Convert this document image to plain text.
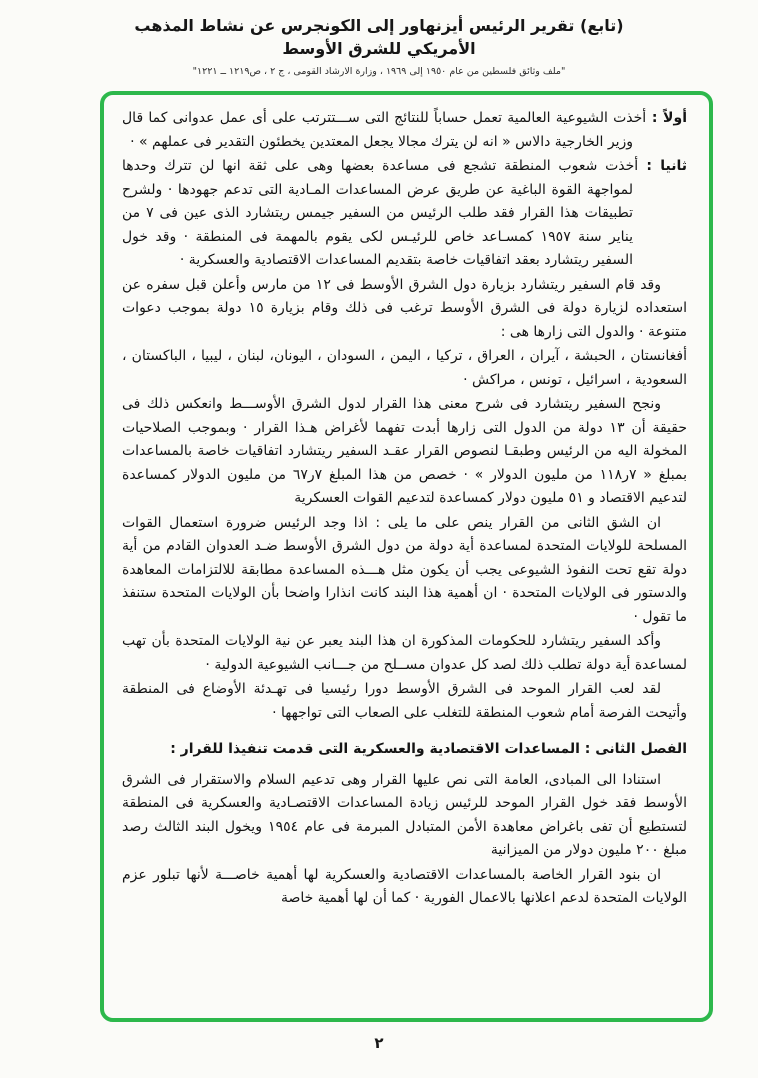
(تابع) تقرير الرئيس أيزنهاور إلى الكونجرس عن نشاط المذهب الأمريكي للشرق الأوسط
"ملف وثائق فلسطين من عام ١٩٥٠ إلى ١٩٦٩ ، وزارة الارشاد القومى ، ج ٢ ، ص١٢١٩ ــ ١٢٢١"
أولاً : أخذت الشيوعية العالمية تعمل حساباً للنتائج التى ســـتترتب على أى عمل عدوانى كما قال وزير الخارجية دالاس « انه لن يترك مجالا يجعل المعتدين يخطئون التقدير فى عملهم » ·
ثانيا : أخذت شعوب المنطقة تشجع فى مساعدة بعضها وهى على ثقة انها لن تترك وحدها لمواجهة القوة الباغية عن طريق عرض المساعدات المـادية التى تدعم جهودها · ولشرح تطبيقات هذا القرار فقد طلب الرئيس من السفير جيمس ريتشارد الذى عين فى ٧ من يناير سنة ١٩٥٧ كمسـاعد خاص للرئيـس لكى يقوم بالمهمة فى المنطقة · وقد خول السفير ريتشارد بعقد اتفاقيات خاصة بتقديم المساعدات الاقتصادية والعسكرية ·
وقد قام السفير ريتشارد بزيارة دول الشرق الأوسط فى ١٢ من مارس وأعلن قبل سفره عن استعداده لزيارة دولة فى الشرق الأوسط ترغب فى ذلك وقام بزيارة ١٥ دولة بموجب دعوات متنوعة · والدول التى زارها هى :
أفغانستان ، الحبشة ، آيران ، العراق ، تركيا ، اليمن ، السودان ، اليونان، لبنان ، ليبيا ، الباكستان ، السعودية ، اسرائيل ، تونس ، مراكش ·
ونجح السفير ريتشارد فى شرح معنى هذا القرار لدول الشرق الأوســـط وانعكس ذلك فى حقيقة أن ١٣ دولة من الدول التى زارها أبدت تفهما لأغراض هـذا القرار · وبموجب الصلاحيات المخولة اليه من الرئيس وطبقـا لنصوص القرار عقـد السفير ريتشارد اتفاقيات خاصة بالمساعدات بمبلغ « ٧ر١١٨ من مليون الدولار » · خصص من هذا المبلغ ٧ر٦٧ من مليون الدولار كمساعدة لتدعيم الاقتصاد و ٥١ مليون دولار كمساعدة لتدعيم القوات العسكرية
ان الشق الثانى من القرار ينص على ما يلى : اذا وجد الرئيس ضرورة استعمال القوات المسلحة للولايات المتحدة لمساعدة أية دولة من دول الشرق الأوسط ضـد العدوان القادم من أية دولة تقع تحت النفوذ الشيوعى يجب أن يكون مثل هـــذه المساعدة مطابقة للالتزامات المعاهدة والدستور فى الولايات المتحدة · ان أهمية هذا البند كانت انذارا واضحا بأن الولايات المتحدة ستنفذ ما تقول ·
وأكد السفير ريتشارد للحكومات المذكورة ان هذا البند يعبر عن نية الولايات المتحدة بأن تهب لمساعدة أية دولة تطلب ذلك لصد كل عدوان مســلح من جـــانب الشيوعية الدولية ·
لقد لعب القرار الموحد فى الشرق الأوسط دورا رئيسيا فى تهـدئة الأوضاع فى المنطقة وأتيحت الفرصة أمام شعوب المنطقة للتغلب على الصعاب التى تواجهها ·
الفصل الثانى : المساعدات الاقتصادية والعسكرية التى قدمت تنفيذا للقرار :
استنادا الى المبادى، العامة التى نص عليها القرار وهى تدعيم السلام والاستقرار فى الشرق الأوسط فقد خول القرار الموحد للرئيس زيادة المساعدات الاقتصـادية والعسكرية فى المنطقة لتستطيع أن تفى باغراض معاهدة الأمن المتبادل المبرمة فى عام ١٩٥٤ ويخول البند الثالث رصد مبلغ ٢٠٠ مليون دولار من الميزانية
ان بنود القرار الخاصة بالمساعدات الاقتصادية والعسكرية لها أهمية خاصـــة لأنها تبلور عزم الولايات المتحدة لدعم اعلانها بالاعمال الفورية · كما أن لها أهمية خاصة
٢
